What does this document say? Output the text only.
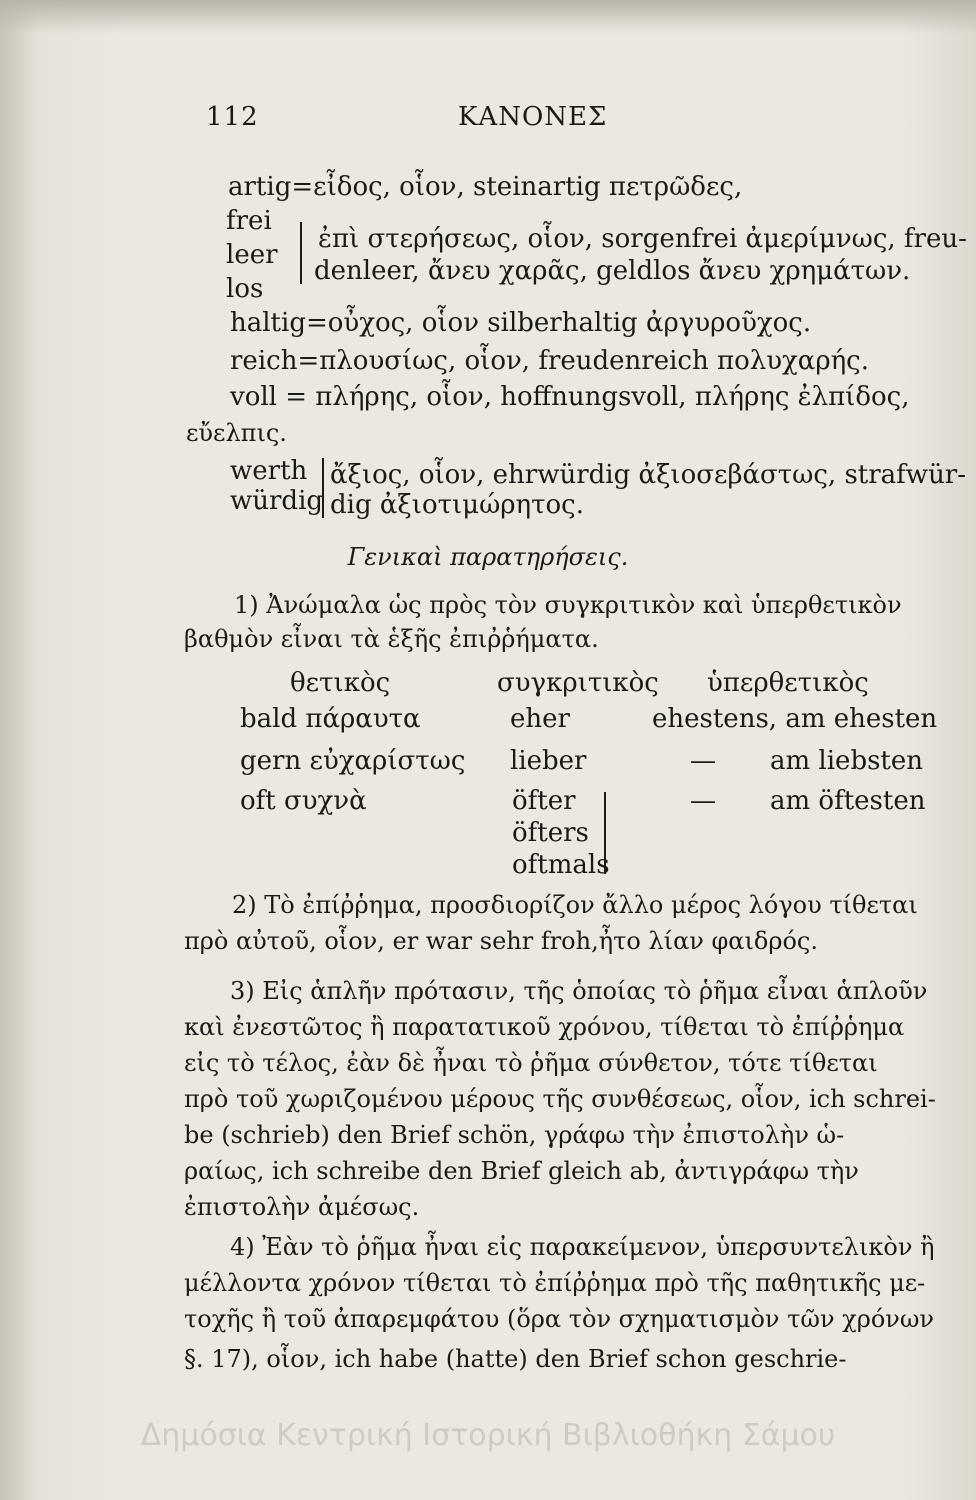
112	ΚΑΝΟΝΕΣ
artig=εἶδος, οἷον, steinartig πετρῶδες,
frei
leer
los
ἐπὶ στερήσεως, οἷον, sorgenfrei ἀμερίμνως, freu-
denleer, ἄνευ χαρᾶς, geldlos ἄνευ χρημάτων.
haltig=οὖχος, οἷον silberhaltig ἀργυροῦχος.
reich=πλουσίως, οἷον, freudenreich πολυχαρής.
voll = πλήρης, οἷον, hoffnungsvoll, πλήρης ἐλπίδος,
εὔελπις.
werth
würdig
ἄξιος, οἷον, ehrwürdig ἀξιοσεβάστως, strafwür-
dig ἀξιοτιμώρητος.
Γενικαὶ παρατηρήσεις.
1) Ἀνώμαλα ὡς πρὸς τὸν συγκριτικὸν καὶ ὑπερθετικὸν
βαθμὸν εἶναι τὰ ἑξῆς ἐπιῤῥήματα.
θετικὸς	συγκριτικὸς ὑπερθετικὸς
bald πάραυτα	eher	ehestens, am ehesten
gern εὐχαρίστως lieber	— am liebsten
oft συχνὰ	öfter	— am öftesten
öfters
oftmals
2) Τὸ ἐπίῤῥημα, προσδιορίζον ἄλλο μέρος λόγου τίθεται
πρὸ αὐτοῦ, οἷον, er war sehr froh,ἦτο λίαν φαιδρός.
3) Εἰς ἁπλῆν πρότασιν, τῆς ὁποίας τὸ ῥῆμα εἶναι ἁπλοῦν
καὶ ἐνεστῶτος ἢ παρατατικοῦ χρόνου, τίθεται τὸ ἐπίῤῥημα
εἰς τὸ τέλος, ἐὰν δὲ ἦναι τὸ ῥῆμα σύνθετον, τότε τίθεται
πρὸ τοῦ χωριζομένου μέρους τῆς συνθέσεως, οἷον, ich schrei-
be (schrieb) den Brief schön, γράφω τὴν ἐπιστολὴν ὡ-
ραίως, ich schreibe den Brief gleich ab, ἀντιγράφω τὴν
ἐπιστολὴν ἀμέσως.
4) Ἐὰν τὸ ῥῆμα ἦναι εἰς παρακείμενον, ὑπερσυντελικὸν ἢ
μέλλοντα χρόνον τίθεται τὸ ἐπίῤῥημα πρὸ τῆς παθητικῆς με-
τοχῆς ἢ τοῦ ἀπαρεμφάτου (ὅρα τὸν σχηματισμὸν τῶν χρόνων
§. 17), οἷον, ich habe (hatte) den Brief schon geschrie-
Δημόσια Κεντρική Ιστορική Βιβλιοθήκη Σάμου
